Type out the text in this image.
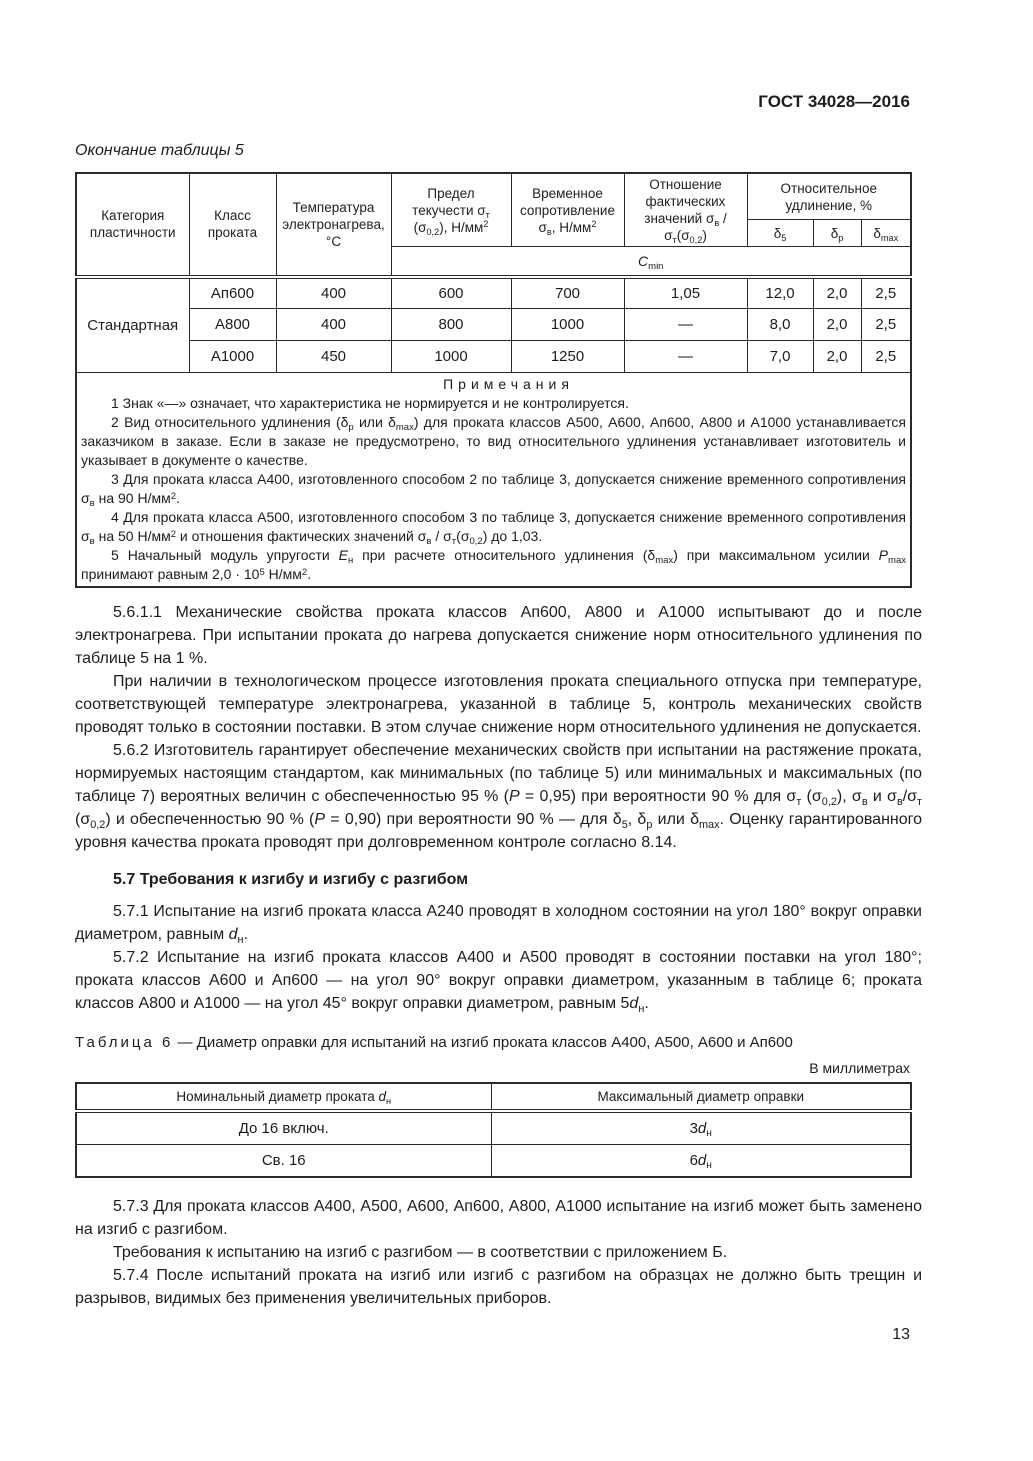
ГОСТ 34028—2016
Окончание таблицы 5
Категория пластичности	Класс проката	Температура электронагрева, °С	Предел текучести $\sigma_т$ $(\sigma_{0,2})$, $Н/мм^2$	Временное сопротивление $\sigma_в$, $Н/мм^2$	Отношение фактических значений $\sigma_в / \sigma_т(\sigma_{0,2})$	Относительное удлинение, %		
						$\delta_5$	$\delta_р$	$\delta_{max}$
			$C_{min}$
Стандартная	Ап600	400	600	700	1,05	12,0	2,0	2,5
	А800	400	800	1000	—	8,0	2,0	2,5
	А1000	450	1000	1250	—	7,0	2,0	2,5

Примечания

1 Знак «—» означает, что характеристика не нормируется и не контролируется.

2 Вид относительного удлинения ($\delta_р$ или $\delta_{max}$) для проката классов А500, А600, Ап600, А800 и А1000 устанавливается заказчиком в заказе. Если в заказе не предусмотрено, то вид относительного удлинения устанавливает изготовитель и указывает в документе о качестве.

3 Для проката класса А400, изготовленного способом 2 по таблице 3, допускается снижение временного сопротивления $\sigma_в$ на 90 $Н/мм^2$.

4 Для проката класса А500, изготовленного способом 3 по таблице 3, допускается снижение временного сопротивления $\sigma_в$ на 50 $Н/мм^2$ и отношения фактических значений $\sigma_в / \sigma_т(\sigma_{0,2})$ до 1,03.

5 Начальный модуль упругости $E_н$ при расчете относительного удлинения $(\delta_{max})$ при максимальном усилии $P_{max}$ принимают равным $2,0 \cdot 10^5$ $Н/мм^2$.

5.6.1.1 Механические свойства проката классов Ап600, А800 и А1000 испытывают до и после электронагрева. При испытании проката до нагрева допускается снижение норм относительного удлинения по таблице 5 на 1 %.

При наличии в технологическом процессе изготовления проката специального отпуска при температуре, соответствующей температуре электронагрева, указанной в таблице 5, контроль механических свойств проводят только в состоянии поставки. В этом случае снижение норм относительного удлинения не допускается.

5.6.2 Изготовитель гарантирует обеспечение механических свойств при испытании на растяжение проката, нормируемых настоящим стандартом, как минимальных (по таблице 5) или минимальных и максимальных (по таблице 7) вероятных величин с обеспеченностью 95 % (P = 0,95) при вероятности 90 % для $\sigma_т$ $(\sigma_{0,2})$, $\sigma_в$ и $\sigma_в/\sigma_т$ $(\sigma_{0,2})$ и обеспеченностью 90 % (P = 0,90) при вероятности 90 % — для $\delta_5$, $\delta_р$ или $\delta_{max}$. Оценку гарантированного уровня качества проката проводят при долговременном контроле согласно 8.14.

5.7 Требования к изгибу и изгибу с разгибом

5.7.1 Испытание на изгиб проката класса А240 проводят в холодном состоянии на угол 180° вокруг оправки диаметром, равным $d_н$.

5.7.2 Испытание на изгиб проката классов А400 и А500 проводят в состоянии поставки на угол 180°; проката классов А600 и Ап600 — на угол 90° вокруг оправки диаметром, указанным в таблице 6; проката классов А800 и А1000 — на угол 45° вокруг оправки диаметром, равным $5d_н$.

Таблица 6 — Диаметр оправки для испытаний на изгиб проката классов А400, А500, А600 и Ап600
В миллиметрах
Номинальный диаметр проката $d_н$	Максимальный диаметр оправки
До 16 включ.	$3d_н$
Св. 16	$6d_н$

5.7.3 Для проката классов А400, А500, А600, Ап600, А800, А1000 испытание на изгиб может быть заменено на изгиб с разгибом.

Требования к испытанию на изгиб с разгибом — в соответствии с приложением Б.

5.7.4 После испытаний проката на изгиб или изгиб с разгибом на образцах не должно быть трещин и разрывов, видимых без применения увеличительных приборов.

13
